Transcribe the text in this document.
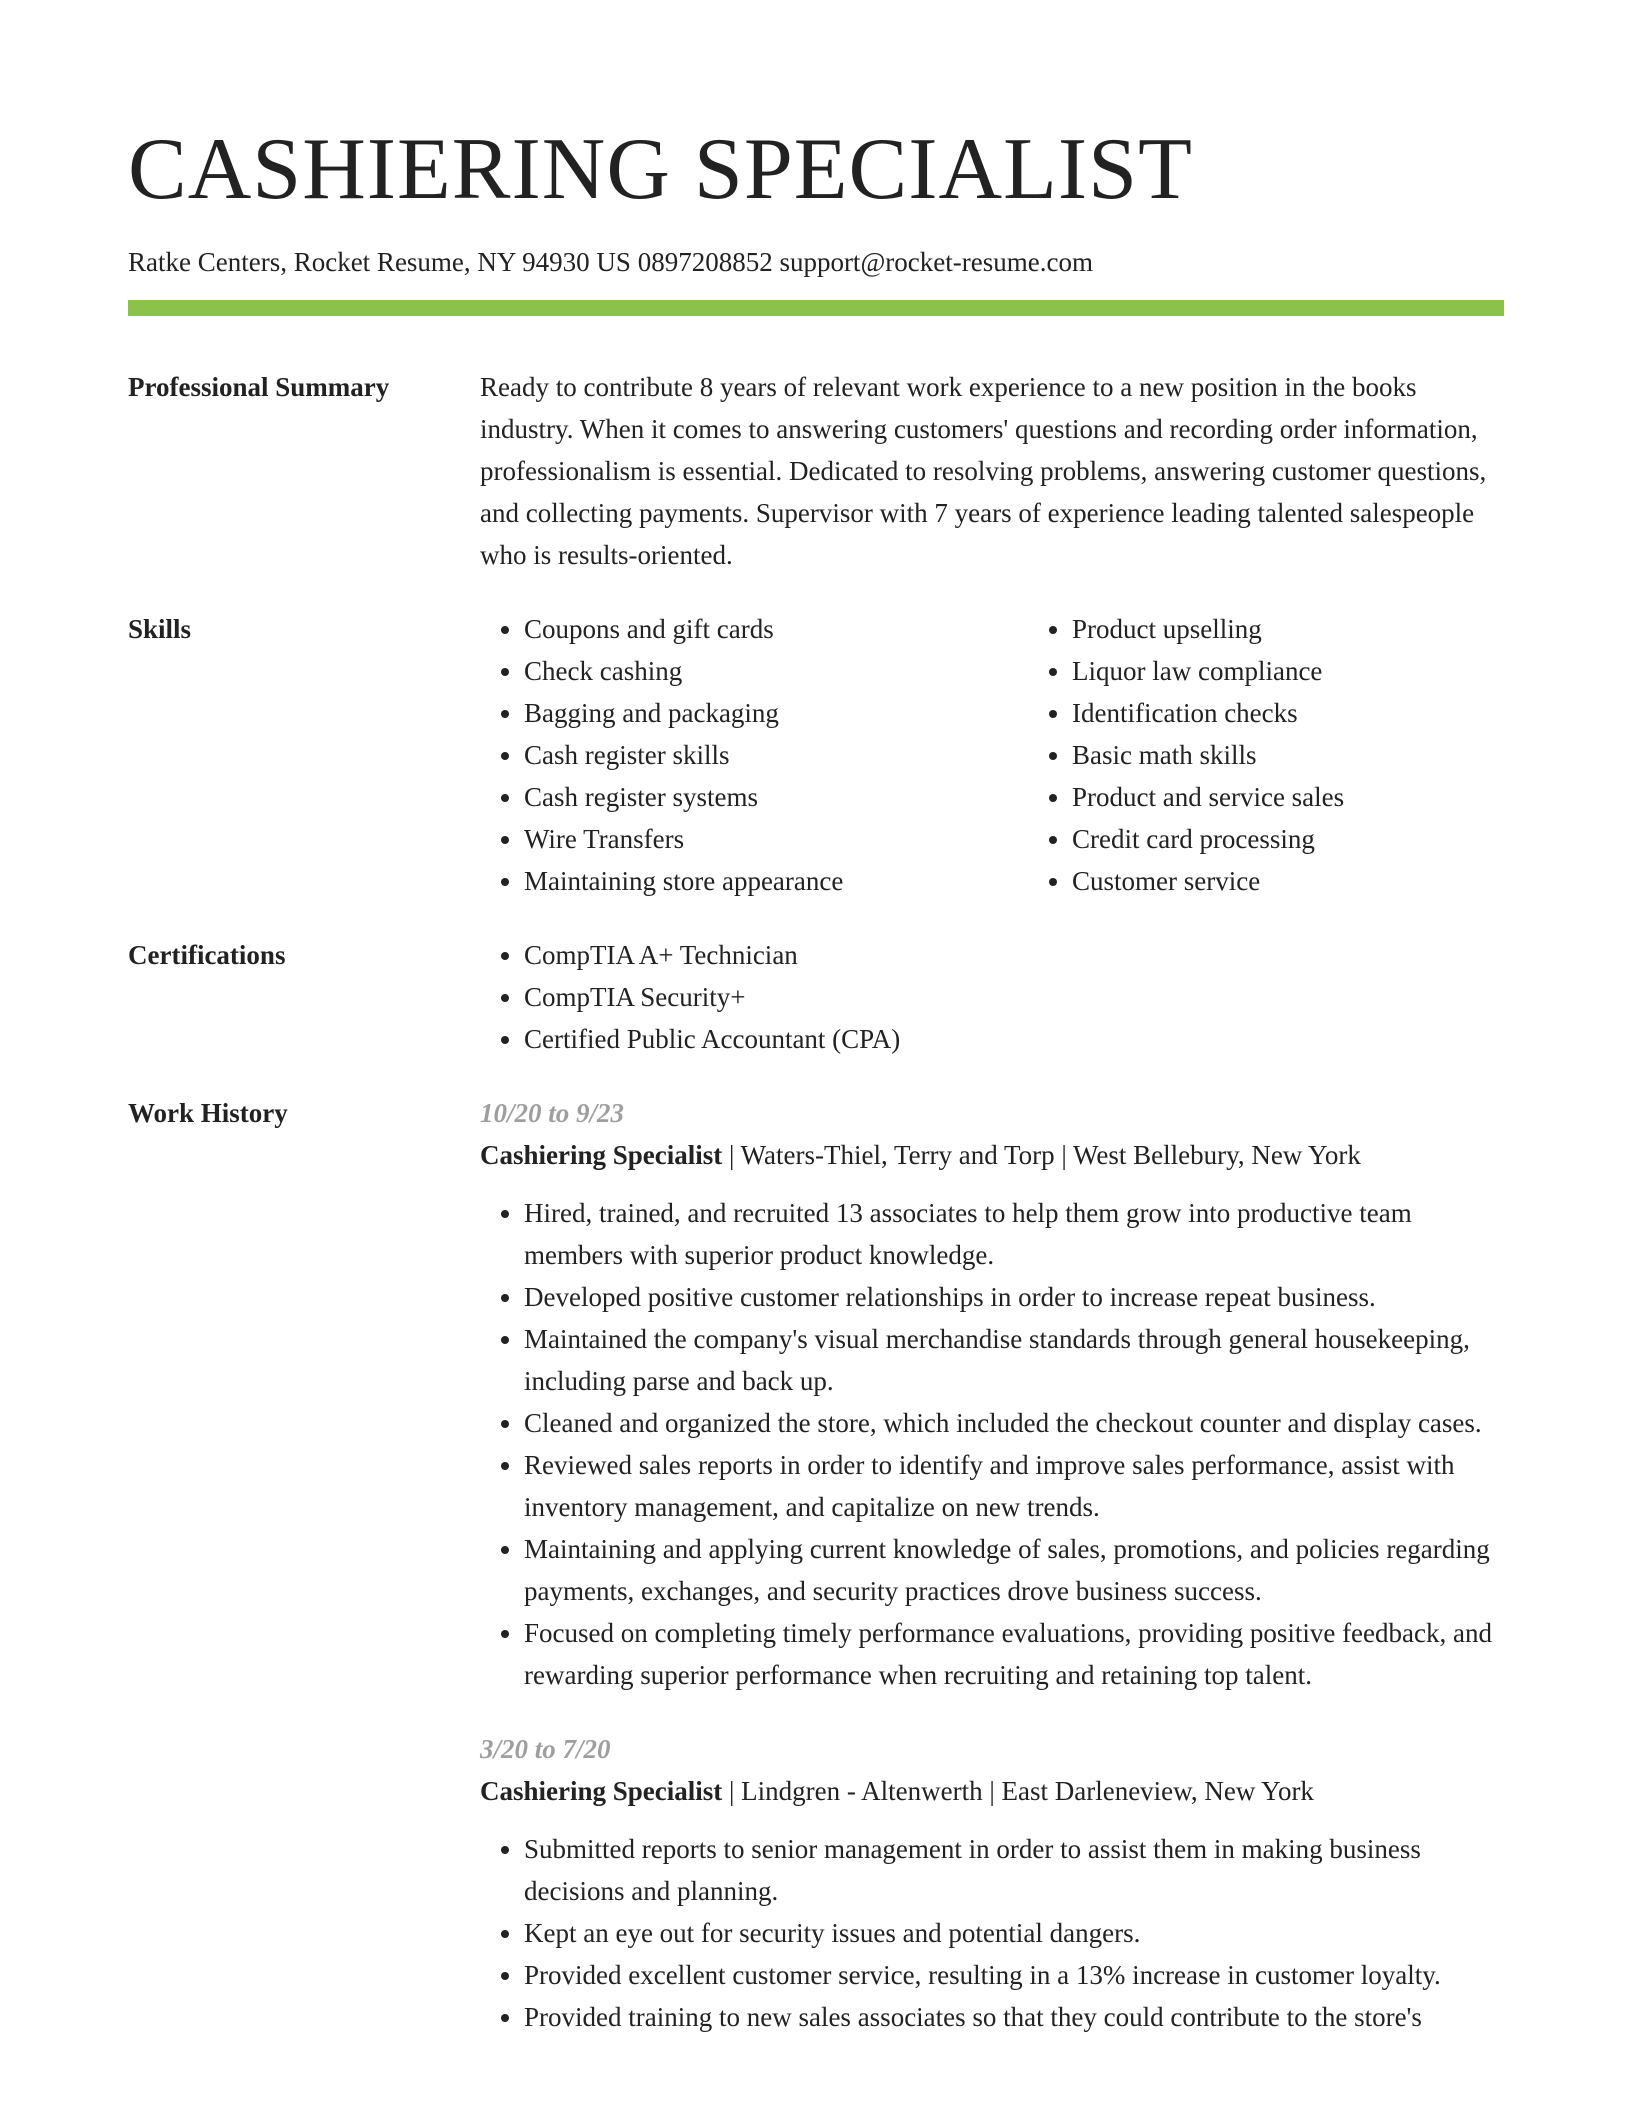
CASHIERING SPECIALIST
Ratke Centers, Rocket Resume, NY 94930 US 0897208852 support@rocket-resume.com
Professional Summary	Ready to contribute 8 years of relevant work experience to a new position in the books industry. When it comes to answering customers' questions and recording order information, professionalism is essential. Dedicated to resolving problems, answering customer questions, and collecting payments. Supervisor with 7 years of experience leading talented salespeople who is results-oriented.
Skills	• Coupons and gift cards
• Check cashing
• Bagging and packaging
• Cash register skills
• Cash register systems
• Wire Transfers
• Maintaining store appearance
• Product upselling
• Liquor law compliance
• Identification checks
• Basic math skills
• Product and service sales
• Credit card processing
• Customer service
Certifications	• CompTIA A+ Technician
• CompTIA Security+
• Certified Public Accountant (CPA)
Work History	10/20 to 9/23
Cashiering Specialist | Waters-Thiel, Terry and Torp | West Bellebury, New York
• Hired, trained, and recruited 13 associates to help them grow into productive team members with superior product knowledge.
• Developed positive customer relationships in order to increase repeat business.
• Maintained the company's visual merchandise standards through general housekeeping, including parse and back up.
• Cleaned and organized the store, which included the checkout counter and display cases.
• Reviewed sales reports in order to identify and improve sales performance, assist with inventory management, and capitalize on new trends.
• Maintaining and applying current knowledge of sales, promotions, and policies regarding payments, exchanges, and security practices drove business success.
• Focused on completing timely performance evaluations, providing positive feedback, and rewarding superior performance when recruiting and retaining top talent.
3/20 to 7/20
Cashiering Specialist | Lindgren - Altenwerth | East Darleneview, New York
• Submitted reports to senior management in order to assist them in making business decisions and planning.
• Kept an eye out for security issues and potential dangers.
• Provided excellent customer service, resulting in a 13% increase in customer loyalty.
• Provided training to new sales associates so that they could contribute to the store's
